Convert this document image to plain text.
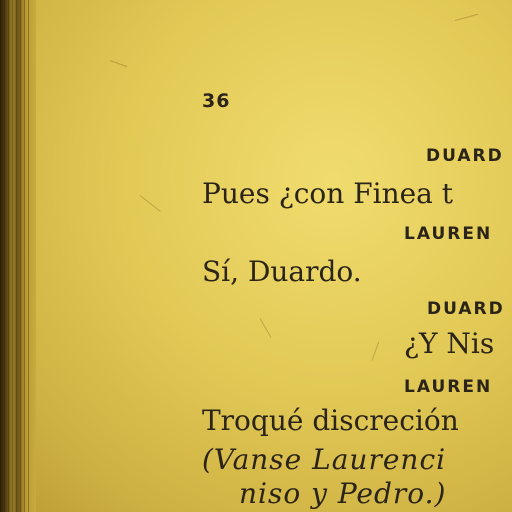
36
DUARD
Pues ¿con Finea t
LAUREN
Sí, Duardo.
DUARD
¿Y Nis
LAUREN
Troqué discreción
(Vanse Laurenci
niso y Pedro.)
